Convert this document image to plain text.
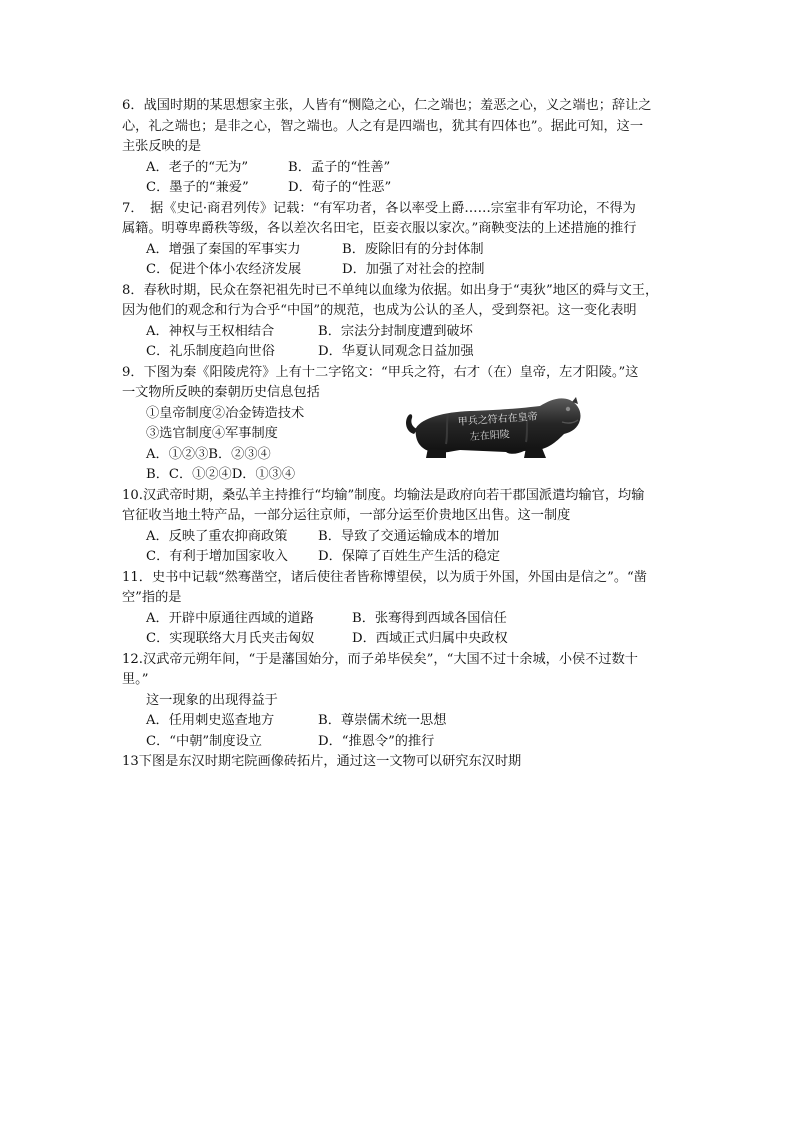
6．战国时期的某思想家主张，人皆有“恻隐之心，仁之端也；羞恶之心，义之端也；辞让之
心，礼之端也；是非之心，智之端也。人之有是四端也，犹其有四体也”。据此可知，这一
主张反映的是
A．老子的“无为”	B．孟子的“性善”
C．墨子的“兼爱”	D．荀子的“性恶”
7．　据《史记·商君列传》记载：“有军功者，各以率受上爵……宗室非有军功论，不得为
属籍。明尊卑爵秩等级，各以差次名田宅，臣妾衣服以家次。”商鞅变法的上述措施的推行
A．增强了秦国的军事实力	B．废除旧有的分封体制
C．促进个体小农经济发展	D．加强了对社会的控制
8．春秋时期，民众在祭祀祖先时已不单纯以血缘为依据。如出身于“夷狄”地区的舜与文王，
因为他们的观念和行为合乎“中国”的规范，也成为公认的圣人，受到祭祀。这一变化表明
A．神权与王权相结合	B．宗法分封制度遭到破坏
C．礼乐制度趋向世俗	D．华夏认同观念日益加强
9．下图为秦《阳陵虎符》上有十二字铭文：“甲兵之符，右才（在）皇帝，左才阳陵。”这
一文物所反映的秦朝历史信息包括
①皇帝制度②冶金铸造技术
③选官制度④军事制度
A．①②③B．②③④
B．C．①②④D．①③④
10.汉武帝时期，桑弘羊主持推行“均输”制度。均输法是政府向若干郡国派遣均输官，均输
官征收当地土特产品，一部分运往京师，一部分运至价贵地区出售。这一制度
A．反映了重农抑商政策 B．导致了交通运输成本的增加
C．有利于增加国家收入 D．保障了百姓生产生活的稳定
11．史书中记载“然骞凿空，诸后使往者皆称博望侯，以为质于外国，外国由是信之”。“凿
空”指的是
A．开辟中原通往西域的道路	B．张骞得到西域各国信任
C．实现联络大月氏夹击匈奴	D．西域正式归属中央政权
12.汉武帝元朔年间，“于是藩国始分，而子弟毕侯矣”，“大国不过十余城，小侯不过数十
里。”
这一现象的出现得益于
A．任用刺史巡查地方	B．尊崇儒术统一思想
C．“中朝”制度设立	D．“推恩令”的推行
13下图是东汉时期宅院画像砖拓片，通过这一文物可以研究东汉时期
甲兵之符右在皇帝
左在阳陵
